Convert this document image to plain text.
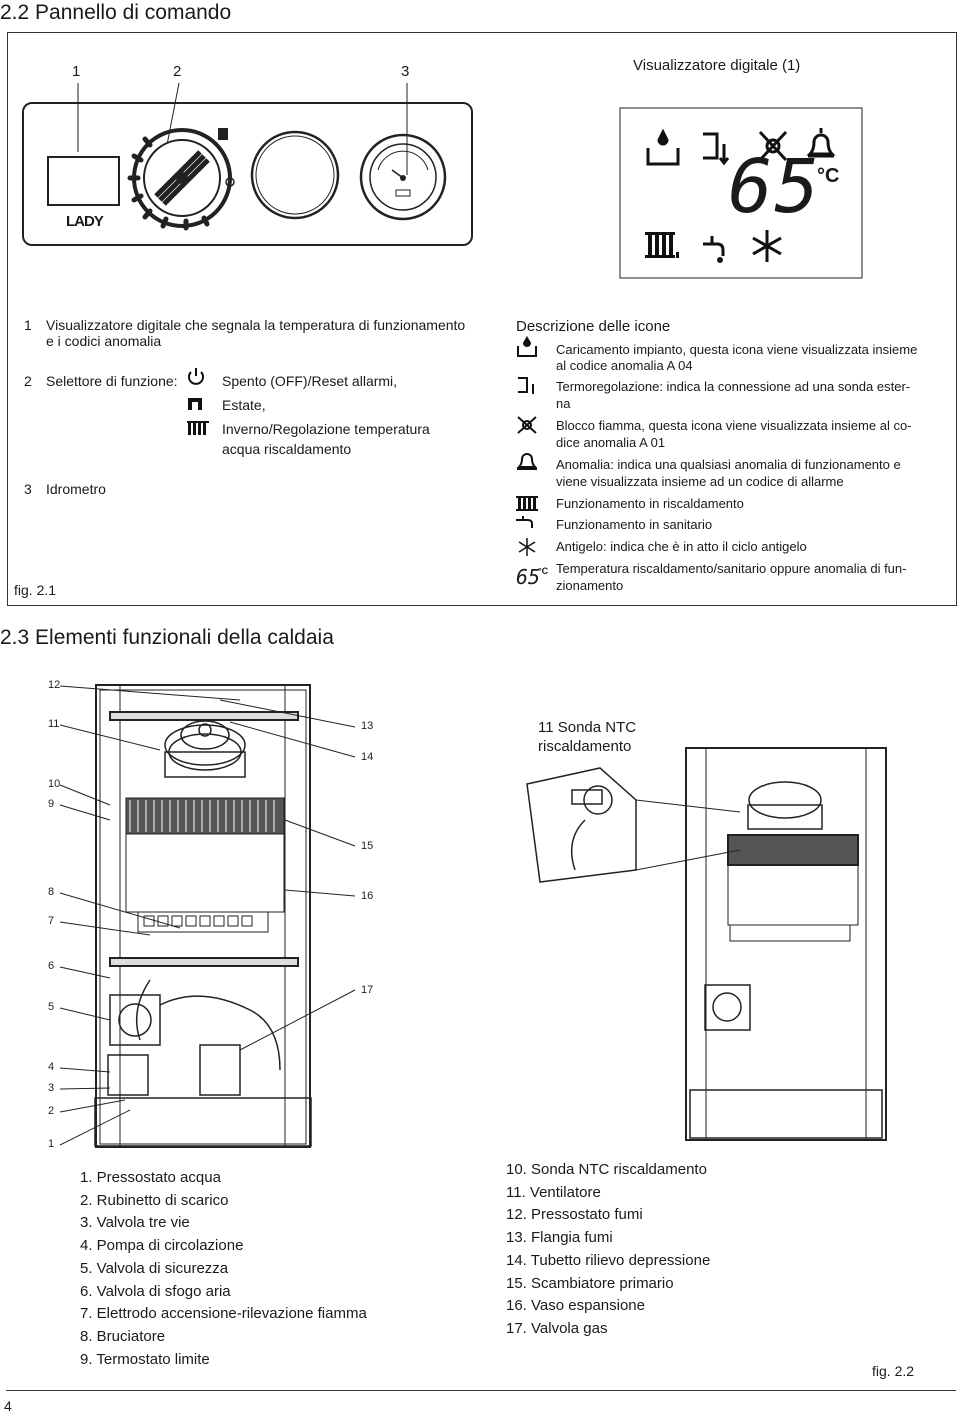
2.2 Pannello di comando
1	2	3	Visualizzatore digitale (1)
LADY	65
°C
1 Visualizzatore digitale che segnala la temperatura di funzionamento
e i codici anomalia
2 Selettore di funzione:	Spento (OFF)/Reset allarmi,
Estate,
Inverno/Regolazione temperatura
acqua riscaldamento
3 Idrometro
fig. 2.1
Descrizione delle icone
65
°C
Caricamento impianto, questa icona viene visualizzata insieme
al codice anomalia A 04
Termoregolazione: indica la connessione ad una sonda ester-
na
Blocco fiamma, questa icona viene visualizzata insieme al co-
dice anomalia A 01
Anomalia: indica una qualsiasi anomalia di funzionamento e
viene visualizzata insieme ad un codice di allarme
Funzionamento in riscaldamento
Funzionamento in sanitario
Antigelo: indica che è in atto il ciclo antigelo
Temperatura riscaldamento/sanitario oppure anomalia di fun-
zionamento
2.3 Elementi funzionali della caldaia
12
11
10
9
8
7
6
5
4
3
2
1
13
14
15
16
17
11 Sonda NTC
riscaldamento
1. Pressostato acqua
2. Rubinetto di scarico
3. Valvola tre vie
4. Pompa di circolazione
5. Valvola di sicurezza
6. Valvola di sfogo aria
7. Elettrodo accensione-rilevazione fiamma
8. Bruciatore
9. Termostato limite
10. Sonda NTC riscaldamento
11. Ventilatore
12. Pressostato fumi
13. Flangia fumi
14. Tubetto rilievo depressione
15. Scambiatore primario
16. Vaso espansione
17. Valvola gas
fig. 2.2
4
